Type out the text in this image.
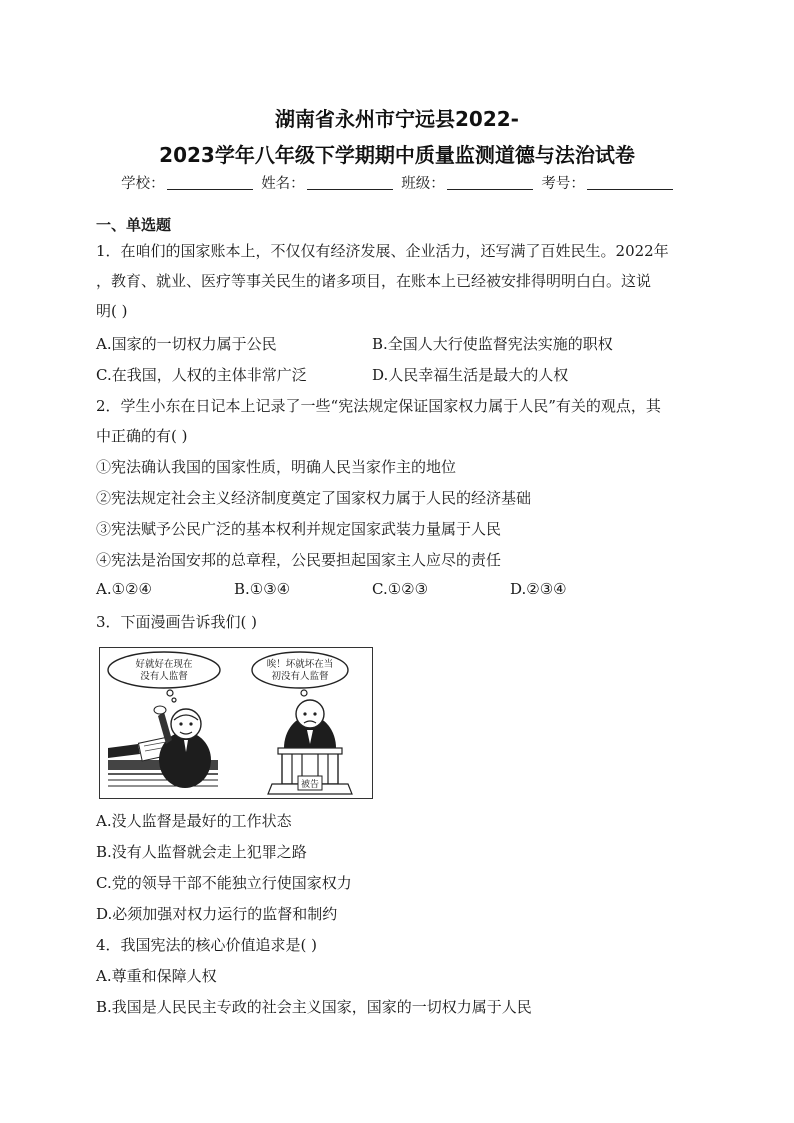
湖南省永州市宁远县2022-
2023学年八年级下学期期中质量监测道德与法治试卷
学校：	姓名：	班级：	考号：
一、单选题
1．在咱们的国家账本上，不仅仅有经济发展、企业活力，还写满了百姓民生。2022年
，教育、就业、医疗等事关民生的诸多项目，在账本上已经被安排得明明白白。这说
明( )
A.国家的一切权力属于公民	B.全国人大行使监督宪法实施的职权
C.在我国，人权的主体非常广泛	D.人民幸福生活是最大的人权
2．学生小东在日记本上记录了一些“宪法规定保证国家权力属于人民”有关的观点，其
中正确的有( )
①宪法确认我国的国家性质，明确人民当家作主的地位
②宪法规定社会主义经济制度奠定了国家权力属于人民的经济基础
③宪法赋予公民广泛的基本权利并规定国家武装力量属于人民
④宪法是治国安邦的总章程，公民要担起国家主人应尽的责任
A.①②④	B.①③④	C.①②③	D.②③④
3．下面漫画告诉我们( )
好就好在现在
没有人监督
唉！坏就坏在当
初没有人监督
被告
A.没人监督是最好的工作状态
B.没有人监督就会走上犯罪之路
C.党的领导干部不能独立行使国家权力
D.必须加强对权力运行的监督和制约
4．我国宪法的核心价值追求是( )
A.尊重和保障人权
B.我国是人民民主专政的社会主义国家，国家的一切权力属于人民
